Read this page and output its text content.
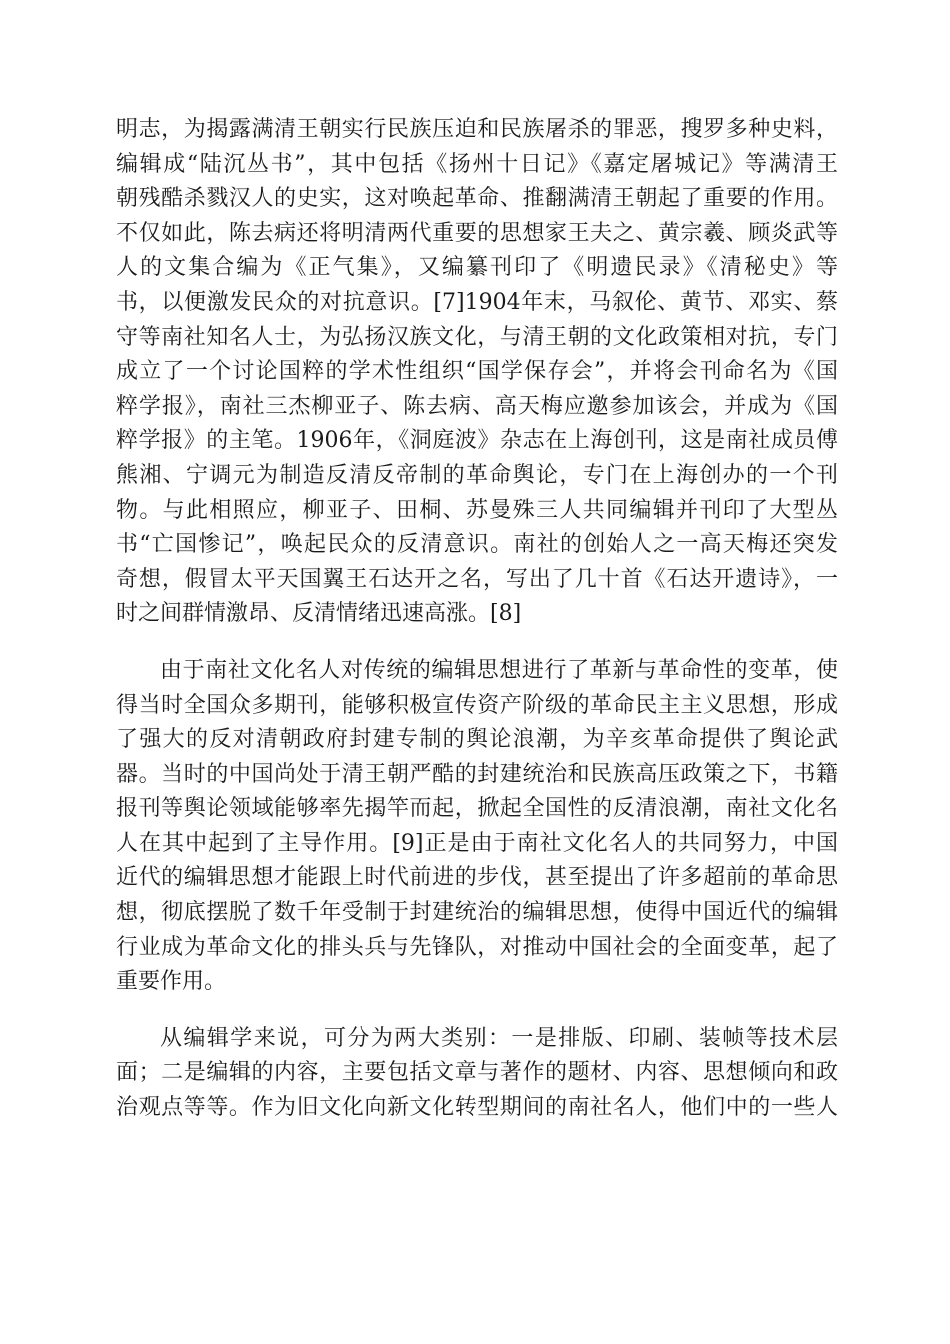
明志，为揭露满清王朝实行民族压迫和民族屠杀的罪恶，搜罗多种史料，
编辑成“陆沉丛书”，其中包括《扬州十日记》《嘉定屠城记》等满清王
朝残酷杀戮汉人的史实，这对唤起革命、推翻满清王朝起了重要的作用。
不仅如此，陈去病还将明清两代重要的思想家王夫之、黄宗羲、顾炎武等
人的文集合编为《正气集》，又编纂刊印了《明遗民录》《清秘史》等
书，以便激发民众的对抗意识。[7]1904年末，马叙伦、黄节、邓实、蔡
守等南社知名人士，为弘扬汉族文化，与清王朝的文化政策相对抗，专门
成立了一个讨论国粹的学术性组织“国学保存会”，并将会刊命名为《国
粹学报》，南社三杰柳亚子、陈去病、高天梅应邀参加该会，并成为《国
粹学报》的主笔。1906年，《洞庭波》杂志在上海创刊，这是南社成员傅
熊湘、宁调元为制造反清反帝制的革命舆论，专门在上海创办的一个刊
物。与此相照应，柳亚子、田桐、苏曼殊三人共同编辑并刊印了大型丛
书“亡国惨记”，唤起民众的反清意识。南社的创始人之一高天梅还突发
奇想，假冒太平天国翼王石达开之名，写出了几十首《石达开遗诗》，一
时之间群情激昂、反清情绪迅速高涨。[8]
由于南社文化名人对传统的编辑思想进行了革新与革命性的变革，使
得当时全国众多期刊，能够积极宣传资产阶级的革命民主主义思想，形成
了强大的反对清朝政府封建专制的舆论浪潮，为辛亥革命提供了舆论武
器。当时的中国尚处于清王朝严酷的封建统治和民族高压政策之下，书籍
报刊等舆论领域能够率先揭竿而起，掀起全国性的反清浪潮，南社文化名
人在其中起到了主导作用。[9]正是由于南社文化名人的共同努力，中国
近代的编辑思想才能跟上时代前进的步伐，甚至提出了许多超前的革命思
想，彻底摆脱了数千年受制于封建统治的编辑思想，使得中国近代的编辑
行业成为革命文化的排头兵与先锋队，对推动中国社会的全面变革，起了
重要作用。
从编辑学来说，可分为两大类别：一是排版、印刷、装帧等技术层
面；二是编辑的内容，主要包括文章与著作的题材、内容、思想倾向和政
治观点等等。作为旧文化向新文化转型期间的南社名人，他们中的一些人
